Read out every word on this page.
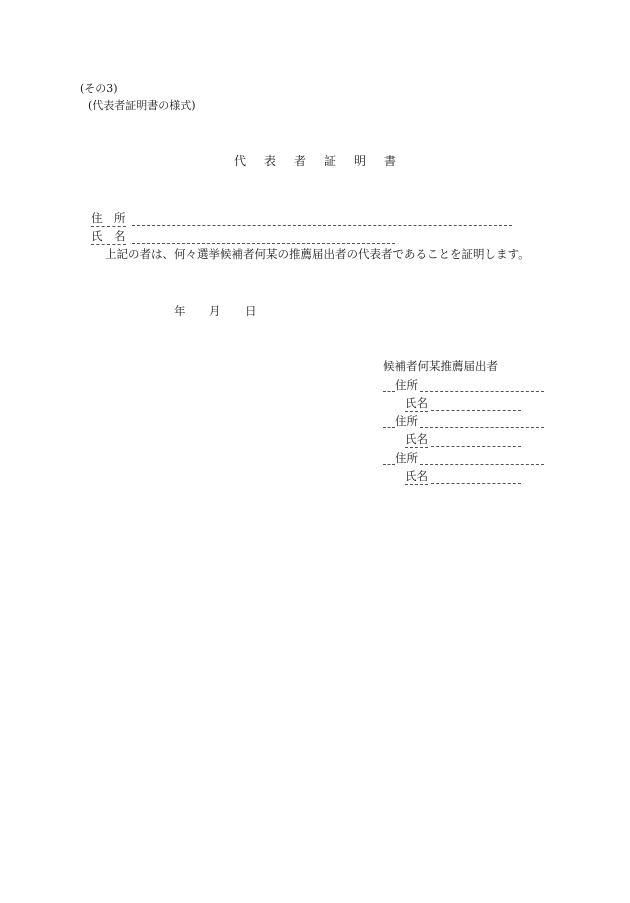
(その3)
(代表者証明書の様式)
代表者証明書
住　所
氏　名
上記の者は、何々選挙候補者何某の推薦届出者の代表者であることを証明します。
年 月 日
候補者何某推薦届出者
住所
氏名
住所
氏名
住所
氏名
